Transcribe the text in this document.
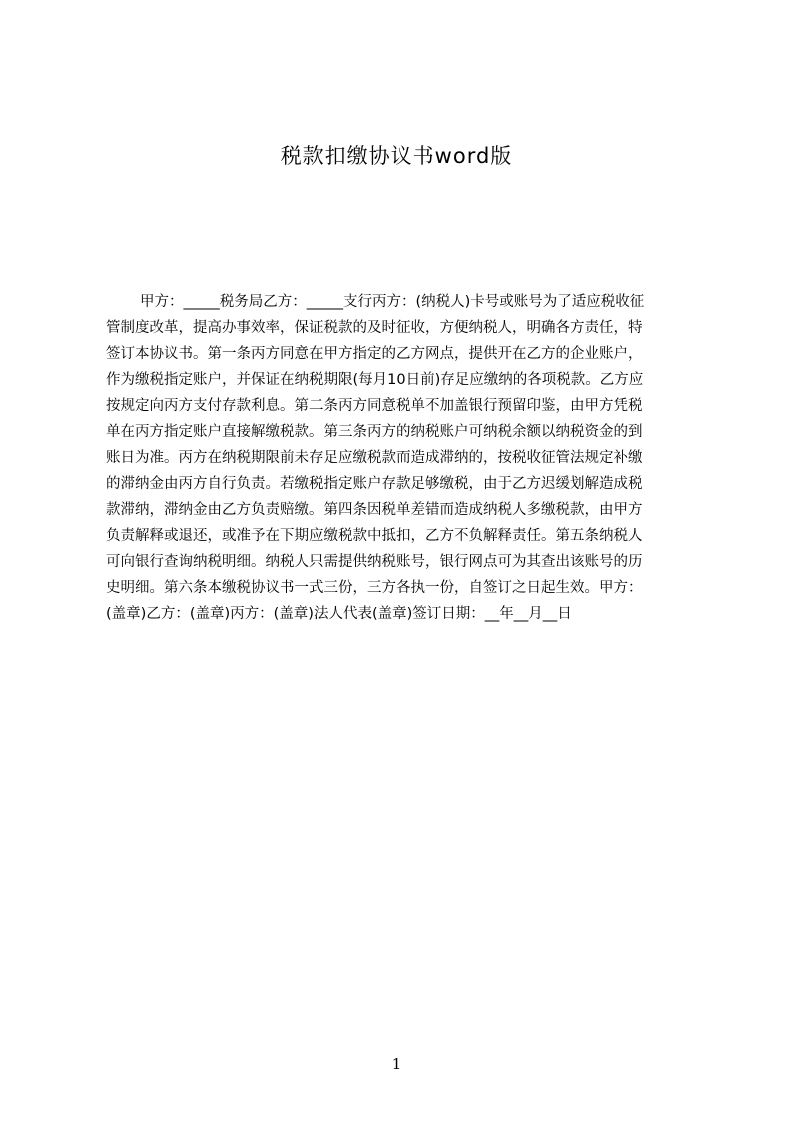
税款扣缴协议书word版
甲方：_____税务局乙方：_____支行丙方：(纳税人)卡号或账号为了适应税收征
管制度改革，提高办事效率，保证税款的及时征收，方便纳税人，明确各方责任，特
签订本协议书。第一条丙方同意在甲方指定的乙方网点，提供开在乙方的企业账户，
作为缴税指定账户，并保证在纳税期限(每月10日前)存足应缴纳的各项税款。乙方应
按规定向丙方支付存款利息。第二条丙方同意税单不加盖银行预留印鉴，由甲方凭税
单在丙方指定账户直接解缴税款。第三条丙方的纳税账户可纳税余额以纳税资金的到
账日为准。丙方在纳税期限前未存足应缴税款而造成滞纳的，按税收征管法规定补缴
的滞纳金由丙方自行负责。若缴税指定账户存款足够缴税，由于乙方迟缓划解造成税
款滞纳，滞纳金由乙方负责赔缴。第四条因税单差错而造成纳税人多缴税款，由甲方
负责解释或退还，或准予在下期应缴税款中抵扣，乙方不负解释责任。第五条纳税人
可向银行查询纳税明细。纳税人只需提供纳税账号，银行网点可为其查出该账号的历
史明细。第六条本缴税协议书一式三份，三方各执一份，自签订之日起生效。甲方：
(盖章)乙方：(盖章)丙方：(盖章)法人代表(盖章)签订日期：__年__月__日
1
